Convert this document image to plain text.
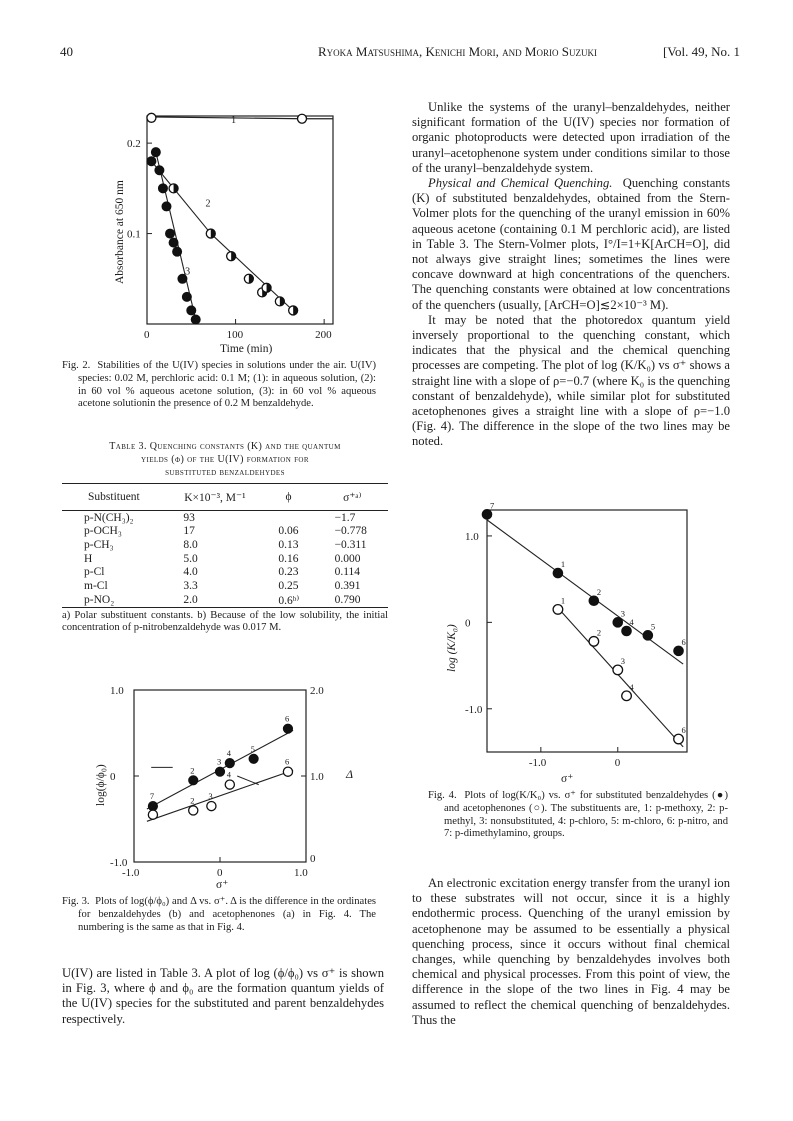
40	Ryoka Matsushima, Kenichi Mori, and Morio Suzuki	[Vol. 49, No. 1
0	100	200
0.1
0.2
1
2
3
Absorbance at 650 nm
Time (min)
Fig. 2. Stabilities of the U(IV) species in solutions under the air. U(IV) species: 0.02 M, perchloric acid: 0.1 M; (1): in aqueous solution, (2): in 60 vol % aqueous acetone solution, (3): in 60 vol % aqueous acetone solutionin the presence of 0.2 M benzaldehyde.
Table 3. Quenching constants (K) and the quantum
yields (ϕ) of the U(IV) formation for
substituted benzaldehydes
Substituent	K×10⁻³, M⁻¹	ϕ	σ⁺ᵃ⁾
p-N(CH₃)₂	93		−1.7
p-OCH₃	17	0.06	−0.778
p-CH₃	8.0	0.13	−0.311
H	5.0	0.16	0.000
p-Cl	4.0	0.23	0.114
m-Cl	3.3	0.25	0.391
p-NO₂	2.0	0.6ᵇ⁾	0.790
a) Polar substituent constants. b) Because of the low solubility, the initial concentration of p-nitrobenzaldehyde was 0.017 M.
1.0
0
-1.0
2.0
1.0
0
-1.0	0	1.0
7
2
3
4 5
6
7	2 3
4
6
log(ϕ/ϕ₀)	Δ
σ⁺
Fig. 3. Plots of log(ϕ/ϕ₀) and Δ vs. σ⁺. Δ is the difference in the ordinates for benzaldehydes (b) and acetophenones (a) in Fig. 4. The numbering is the same as that in Fig. 4.

U(IV) are listed in Table 3. A plot of log (ϕ/ϕ₀) vs σ⁺ is shown in Fig. 3, where ϕ and ϕ₀ are the formation quantum yields of the U(IV) species for the substituted and parent benzaldehydes respectively.

Unlike the systems of the uranyl–benzaldehydes, neither significant formation of the U(IV) species nor formation of organic photoproducts were detected upon irradiation of the uranyl–acetophenone system under conditions similar to those of the uranyl–benzaldehyde system.

Physical and Chemical Quenching. Quenching constants (K) of substituted benzaldehydes, obtained from the Stern-Volmer plots for the quenching of the uranyl emission in 60% aqueous acetone (containing 0.1 M perchloric acid), are listed in Table 3. The Stern-Volmer plots, I°/I=1+K[ArCH=O], did not always give straight lines; sometimes the lines were concave downward at high concentrations of the quenchers. The quenching constants were obtained at low concentrations of the quenchers (usually, [ArCH=O]≲2×10⁻³ M).

It may be noted that the photoredox quantum yield inversely proportional to the quenching constant, which indicates that the physical and the chemical quenching processes are competing. The plot of log (K/K₀) vs σ⁺ shows a straight line with a slope of ρ=−0.7 (where K₀ is the quenching constant of benzaldehyde), while similar plot for substituted acetophenones gives a straight line with a slope of ρ=−1.0 (Fig. 4). The difference in the slope of the two lines may be noted.

1.0
0
-1.0
-1.0	0
7
1
2
3
4 5
6
1
2
3
4
6
log (K/K₀)
σ⁺
Fig. 4. Plots of log(K/K₀) vs. σ⁺ for substituted benzaldehydes (●) and acetophenones (○). The substituents are, 1: p-methoxy, 2: p-methyl, 3: nonsubstituted, 4: p-chloro, 5: m-chloro, 6: p-nitro, and 7: p-dimethylamino, groups.

An electronic excitation energy transfer from the uranyl ion to these substrates will not occur, since it is a highly endothermic process. Quenching of the uranyl emission by acetophenone may be assumed to be essentially a physical quenching process, since it occurs without final chemical changes, while quenching by benzaldehydes involves both chemical and physical processes. From this point of view, the difference in the slope of the two lines in Fig. 4 may be assumed to reflect the chemical quenching of benzaldehydes. Thus the
